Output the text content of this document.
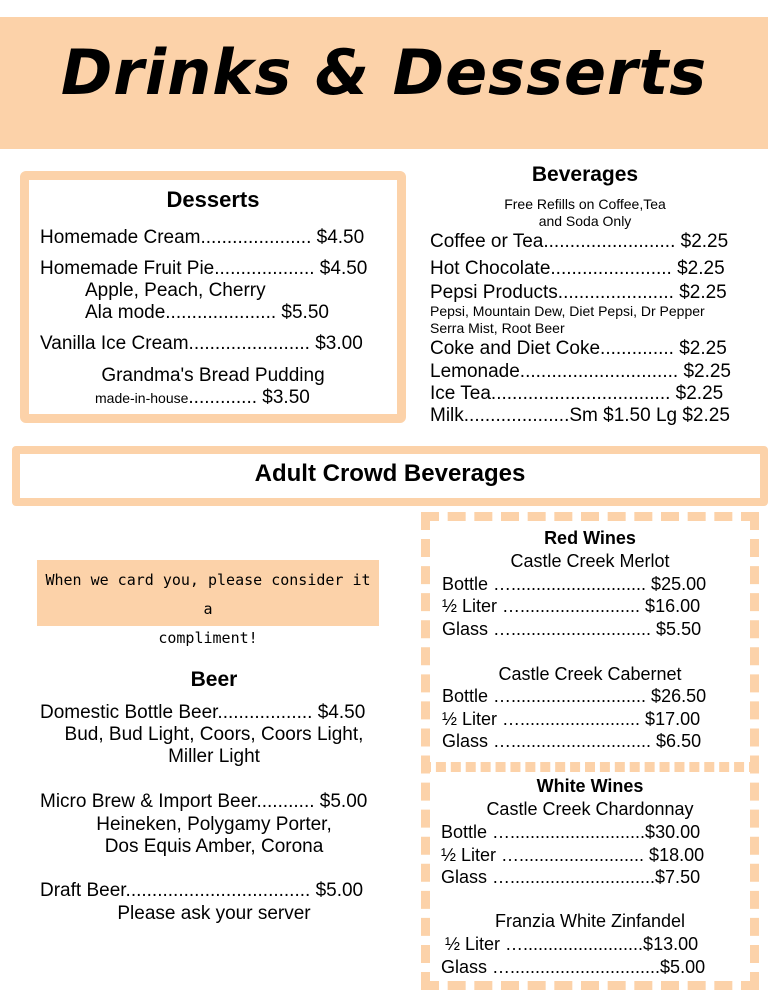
Drinks & Desserts
Desserts
Homemade Cream..................... $4.50
Homemade Fruit Pie................... $4.50
Apple, Peach, Cherry
Ala mode..................... $5.50
Vanilla Ice Cream....................... $3.00
Grandma's Bread Pudding
made-in-house............. $3.50
Beverages
Free Refills on Coffee,Tea
and Soda Only
Coffee or Tea......................... $2.25
Hot Chocolate....................... $2.25
Pepsi Products...................... $2.25
Pepsi, Mountain Dew, Diet Pepsi, Dr Pepper
Serra Mist, Root Beer
Coke and Diet Coke.............. $2.25
Lemonade.............................. $2.25
Ice Tea.................................. $2.25
Milk....................Sm $1.50 Lg $2.25
Adult Crowd Beverages
When we card you, please consider it a
compliment!
Beer
Domestic Bottle Beer.................. $4.50
Bud, Bud Light, Coors, Coors Light,
Miller Light
Micro Brew & Import Beer........... $5.00
Heineken, Polygamy Porter,
Dos Equis Amber, Corona
Draft Beer................................... $5.00
Please ask your server
Red Wines
Castle Creek Merlot
Bottle …........................... $25.00
½ Liter …........................ $16.00
Glass …............................ $5.50
Castle Creek Cabernet
Bottle …........................... $26.50
½ Liter …........................ $17.00
Glass …............................ $6.50
White Wines
Castle Creek Chardonnay
Bottle …...........................$30.00
½ Liter …......................... $18.00
Glass ….............................$7.50
Franzia White Zinfandel
½ Liter …........................$13.00
Glass …..............................$5.00
